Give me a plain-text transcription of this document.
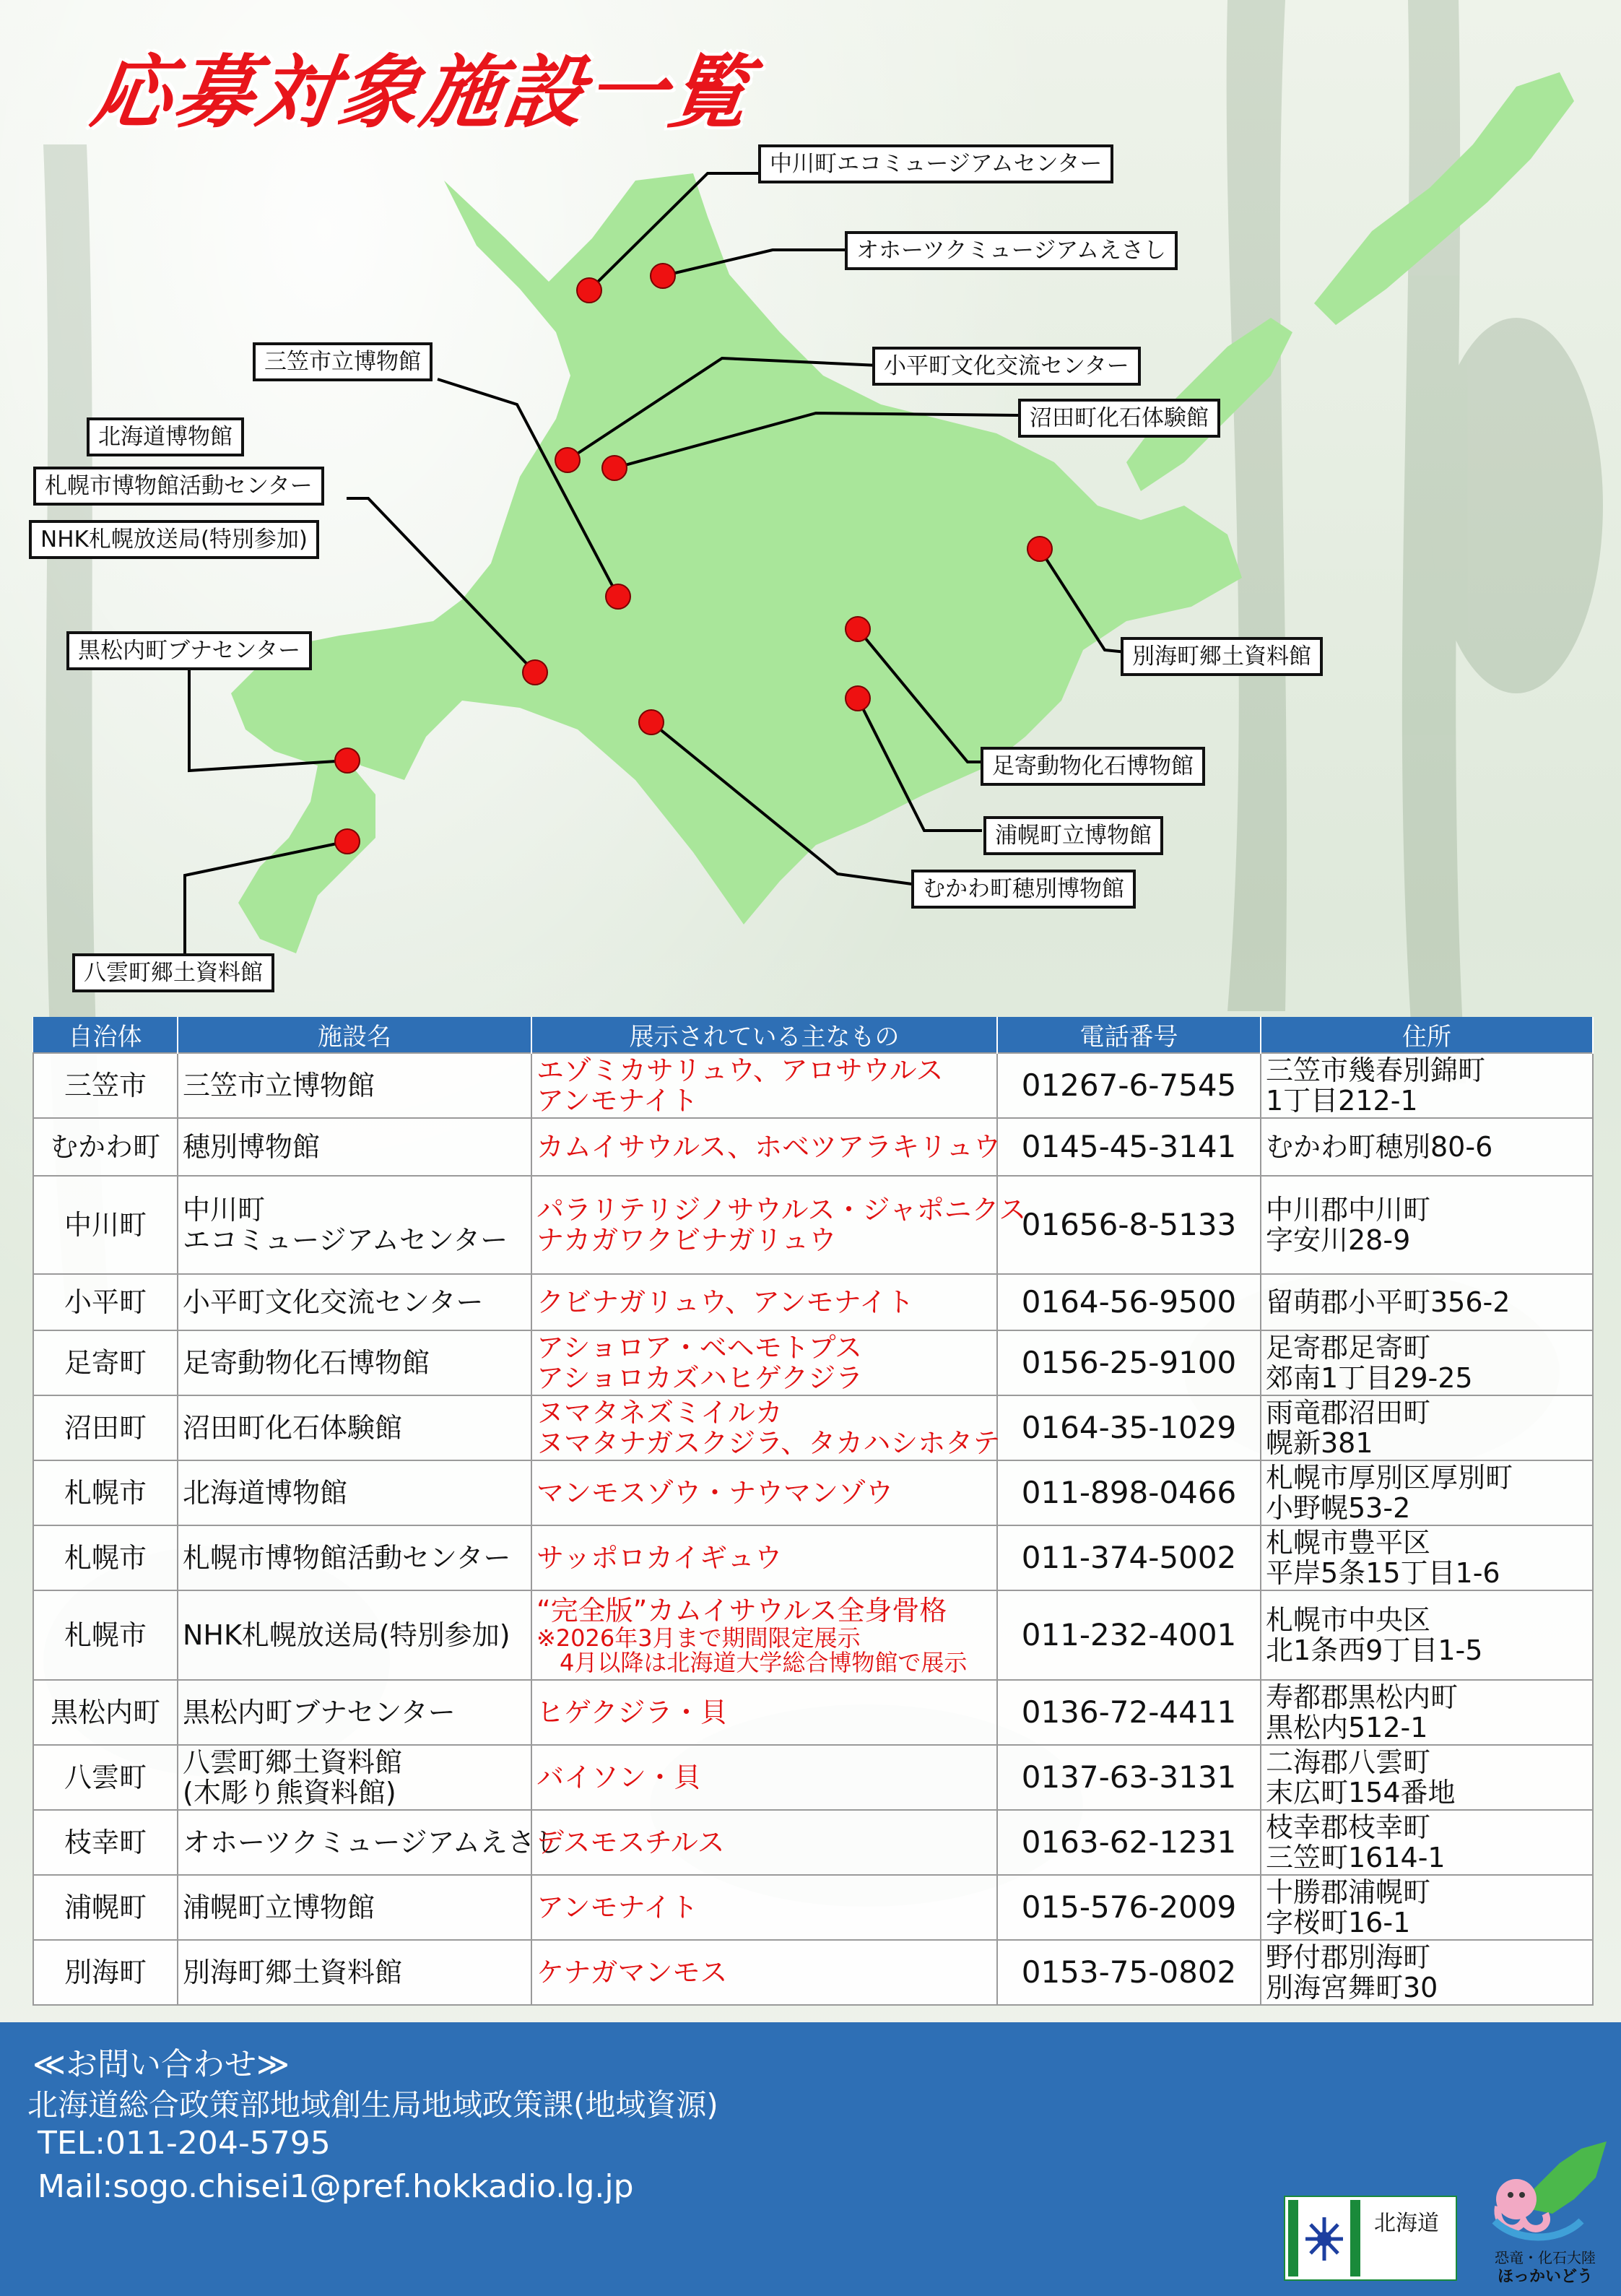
応募対象施設一覧
中川町エコミュージアムセンター
オホーツクミュージアムえさし
三笠市立博物館	小平町文化交流センター
沼田町化石体験館
北海道博物館
札幌市博物館活動センター
NHK札幌放送局(特別参加)
黒松内町ブナセンター	別海町郷土資料館
足寄動物化石博物館
浦幌町立博物館
むかわ町穂別博物館
八雲町郷土資料館
自治体	施設名	展示されている主なもの	電話番号	住所
三笠市	三笠市立博物館	エゾミカサリュウ、アロサウルス
アンモナイト	01267-6-7545	三笠市幾春別錦町
1丁目212-1

むかわ町	穂別博物館	カムイサウルス、ホベツアラキリュウ	0145-45-3141	むかわ町穂別80-6

中川町	中川町
エコミュージアムセンター	パラリテリジノサウルス・ジャポニクス
ナカガワクビナガリュウ	01656-8-5133	中川郡中川町
字安川28-9

小平町	小平町文化交流センター	クビナガリュウ、アンモナイト	0164-56-9500	留萌郡小平町356-2

足寄町	足寄動物化石博物館	アショロア・ベヘモトプス
アショロカズハヒゲクジラ	0156-25-9100	足寄郡足寄町
郊南1丁目29-25

沼田町	沼田町化石体験館	ヌマタネズミイルカ
ヌマタナガスクジラ、タカハシホタテ	0164-35-1029	雨竜郡沼田町
幌新381

札幌市	北海道博物館	マンモスゾウ・ナウマンゾウ	011-898-0466	札幌市厚別区厚別町
小野幌53-2

札幌市	札幌市博物館活動センター	サッポロカイギュウ	011-374-5002	札幌市豊平区
平岸5条15丁目1-6

札幌市	NHK札幌放送局(特別参加)	“完全版”カムイサウルス全身骨格
※2026年3月まで期間限定展示
　4月以降は北海道大学総合博物館で展示	011-232-4001	札幌市中央区
北1条西9丁目1-5

黒松内町	黒松内町ブナセンター	ヒゲクジラ・貝	0136-72-4411	寿都郡黒松内町
黒松内512-1

八雲町	八雲町郷土資料館
(木彫り熊資料館)	バイソン・貝	0137-63-3131	二海郡八雲町
末広町154番地

枝幸町	オホーツクミュージアムえさし	デスモスチルス	0163-62-1231	枝幸郡枝幸町
三笠町1614-1

浦幌町	浦幌町立博物館	アンモナイト	015-576-2009	十勝郡浦幌町
字桜町16-1

別海町	別海町郷土資料館	ケナガマンモス	0153-75-0802	野付郡別海町
別海宮舞町30
≪お問い合わせ≫
北海道総合政策部地域創生局地域政策課(地域資源)
TEL:011-204-5795
Mail:sogo.chisei1@pref.hokkadio.lg.jp
北海道
恐竜・化石大陸
ほっかいどう
